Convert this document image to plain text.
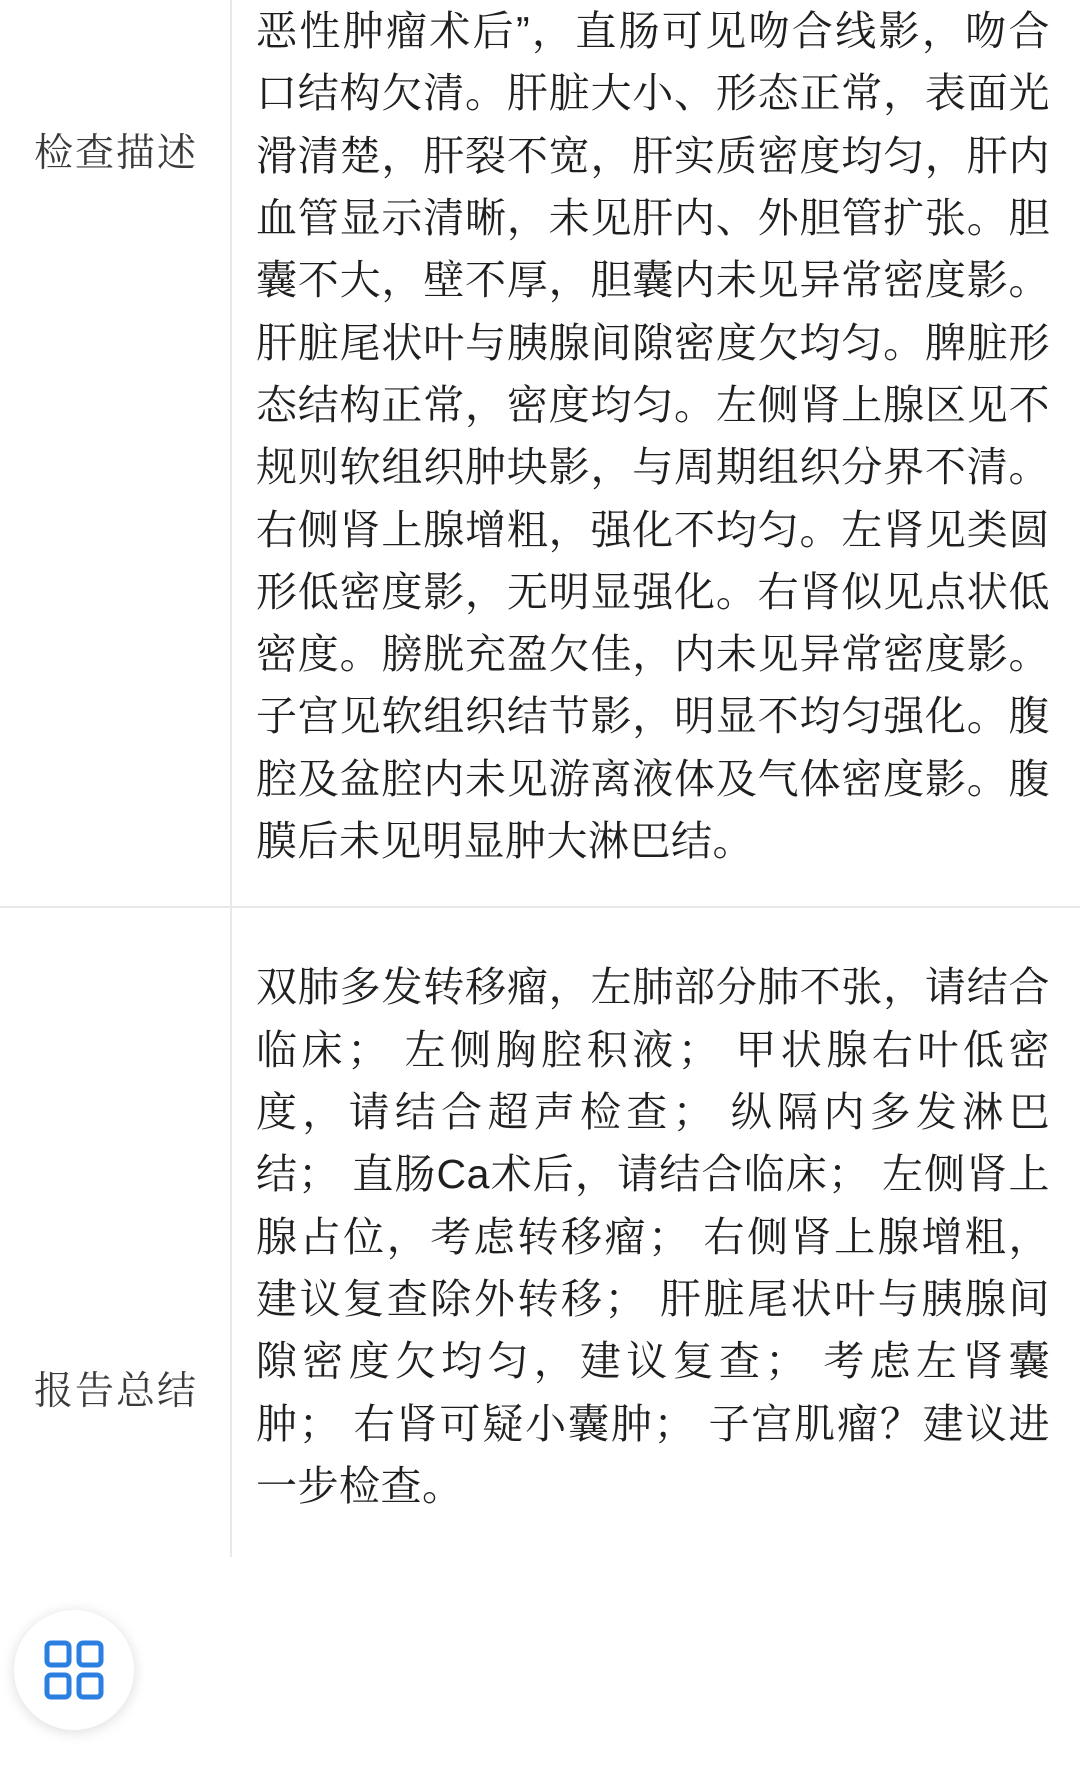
检查描述
恶性肿瘤术后”，直肠可见吻合线影，吻合口结构欠清。肝脏大小、形态正常，表面光滑清楚，肝裂不宽，肝实质密度均匀，肝内血管显示清晰，未见肝内、外胆管扩张。胆囊不大，壁不厚，胆囊内未见异常密度影。肝脏尾状叶与胰腺间隙密度欠均匀。脾脏形态结构正常，密度均匀。左侧肾上腺区见不规则软组织肿块影，与周期组织分界不清。右侧肾上腺增粗，强化不均匀。左肾见类圆形低密度影，无明显强化。右肾似见点状低密度。膀胱充盈欠佳，内未见异常密度影。子宫见软组织结节影，明显不均匀强化。腹腔及盆腔内未见游离液体及气体密度影。腹膜后未见明显肿大淋巴结。
报告总结
双肺多发转移瘤，左肺部分肺不张，请结合临床； 左侧胸腔积液； 甲状腺右叶低密度，请结合超声检查； 纵隔内多发淋巴结； 直肠Ca术后，请结合临床； 左侧肾上腺占位，考虑转移瘤； 右侧肾上腺增粗，建议复查除外转移； 肝脏尾状叶与胰腺间隙密度欠均匀，建议复查； 考虑左肾囊肿； 右肾可疑小囊肿； 子宫肌瘤？建议进一步检查。
